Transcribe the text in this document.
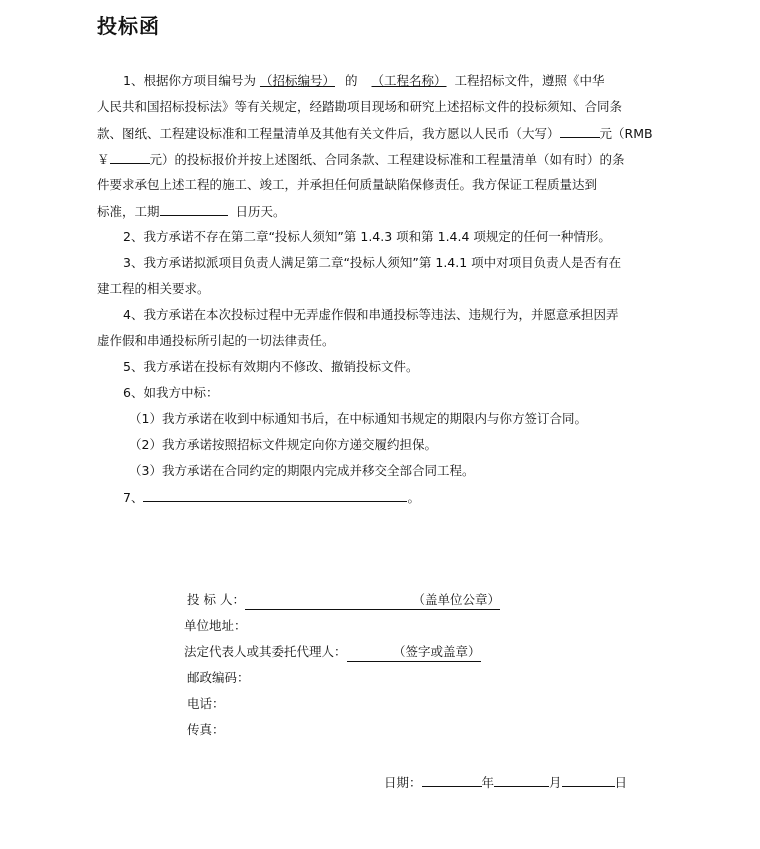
投标函
1、根据你方项目编号为 （招标编号） 的 （工程名称） 工程招标文件，遵照《中华
人民共和国招标投标法》等有关规定，经踏勘项目现场和研究上述招标文件的投标须知、合同条
款、图纸、工程建设标准和工程量清单及其他有关文件后，我方愿以人民币（大写）	元（RMB
￥	元）的投标报价并按上述图纸、合同条款、工程建设标准和工程量清单（如有时）的条
件要求承包上述工程的施工、竣工，并承担任何质量缺陷保修责任。我方保证工程质量达到
标准，工期	日历天。
2、我方承诺不存在第二章“投标人须知”第 1.4.3 项和第 1.4.4 项规定的任何一种情形。
3、我方承诺拟派项目负责人满足第二章“投标人须知”第 1.4.1 项中对项目负责人是否有在
建工程的相关要求。
4、我方承诺在本次投标过程中无弄虚作假和串通投标等违法、违规行为，并愿意承担因弄
虚作假和串通投标所引起的一切法律责任。
5、我方承诺在投标有效期内不修改、撤销投标文件。
6、如我方中标：
（1）我方承诺在收到中标通知书后，在中标通知书规定的期限内与你方签订合同。
（2）我方承诺按照招标文件规定向你方递交履约担保。
（3）我方承诺在合同约定的期限内完成并移交全部合同工程。
7、	。
投 标 人：	（盖单位公章）
单位地址：
法定代表人或其委托代理人：	（签字或盖章）
邮政编码：
电话：
传真：
日期：	年	月	日
